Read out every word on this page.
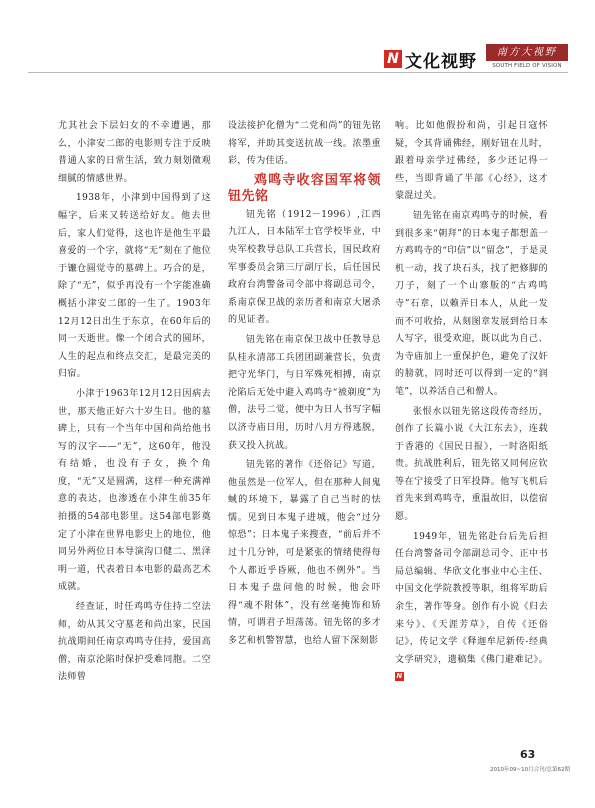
N 文化视野	南方大视野
SOUTH FIELD OF VISION

尤其社会下层妇女的不幸遭遇，那么，小津安二郎的电影则专注于反映普通人家的日常生活，致力刻划微观细腻的情感世界。

1938年，小津到中国得到了这幅字，后来又转送给好友。他去世后，家人们觉得，这也许是他生平最喜爱的一个字，就将“无”刻在了他位于镰仓圆觉寺的墓碑上。巧合的是，除了“无”，似乎再没有一个字能准确概括小津安二郎的一生了。1903年12月12日出生于东京，在60年后的同一天逝世。像一个闭合式的圆环，人生的起点和终点交汇，是最完美的归宿。

小津于1963年12月12日因病去世，那天他正好六十岁生日。他的墓碑上，只有一个当年中国和尚给他书写的汉字——“无”，这60年，他没有结婚，也没有子女，换个角度，“无”又是圆满，这样一种充满禅意的表达，也渗透在小津生前35年拍摄的54部电影里。这54部电影奠定了小津在世界电影史上的地位，他同另外两位日本导演沟口健二、黑泽明一道，代表着日本电影的最高艺术成就。

经查证，时任鸡鸣寺住持二空法师，幼从其父守墓老和尚出家，民国抗战期间任南京鸡鸣寺住持，爱国高僧，南京沦陷时保护受难同胞。二空法师曾

设法接护化僧为“二党和尚”的钮先铭将军，并助其变送抗战一线。浓墨重彩，传为佳话。

鸡鸣寺收容国军将领钮先铭

钮先铭（1912－1996）,江西九江人，日本陆军士官学校毕业，中央军校教导总队工兵营长，国民政府军事委员会第三厅副厅长，后任国民政府台湾警备司令部中将副总司令，系南京保卫战的亲历者和南京大屠杀的见证者。

钮先铭在南京保卫战中任教导总队桂永清部工兵团团副兼营长，负责把守光华门，与日军殊死相搏，南京沦陷后无处中避入鸡鸣寺“被剃度”为僧，法号二觉，便中为日人书写字幅以济寺庙日用，历时八月方得逃脱，获又投入抗战。

钮先铭的著作《还俗记》写道，他虽然是一位军人，但在那种人间鬼蜮的环境下，暴露了自己当时的怯懦。见到日本鬼子进城，他会“过分惊恐”；日本鬼子来搜查，“前后并不过十几分钟，可是紧张的情绪使得每个人都近乎昏厥，他也不例外”。当日本鬼子盘问他的时候，他会吓得“魂不附体”，没有丝毫掩饰和矫情，可谓君子坦荡荡。钮先铭的多才多艺和机警智慧，也给人留下深刻影

响。比如他假扮和尚，引起日寇怀疑，令其背诵佛经，刚好钮在儿时，跟着母亲学过佛经，多少还记得一些，当即背诵了半部《心经》，这才蒙混过关。

钮先铭在南京鸡鸣寺的时候，看到很多来“朝拜”的日本鬼子都想盖一方鸡鸣寺的“印信”以“留念”，于是灵机一动，找了块石头，找了把修脚的刀子，刻了一个山寨版的“古鸡鸣寺”石章，以赖弄日本人，从此一发而不可收拾，从刻图章发展到给日本人写字，很受欢迎，既以此为自己、为寺庙加上一重保护色，避免了汉奸的膀就，同时还可以得到一定的“润笔”，以养活自己和僧人。

张恨水以钮先铭这段传奇经历，创作了长篇小说《大江东去》，连载于香港的《国民日报》，一时洛阳纸贵。抗战胜利后，钮先铭又同何应钦等在宁接受了日军投降。他写飞机后首先来到鸡鸣寺，重温故旧，以偿宿愿。

1949年，钮先铭赴台后先后担任台湾警备司令部副总司令、正中书局总编辑、华欣文化事业中心主任、中国文化学院教授等职，组将军助后余生，著作等身。创作有小说《归去来兮》、《天涯芳草》，自传《还俗记》，传记文学《释迦牟尼新传-经典文学研究》，遗稿集《佛门避难记》。N

63
2010年09~10月合刊/总第62期
